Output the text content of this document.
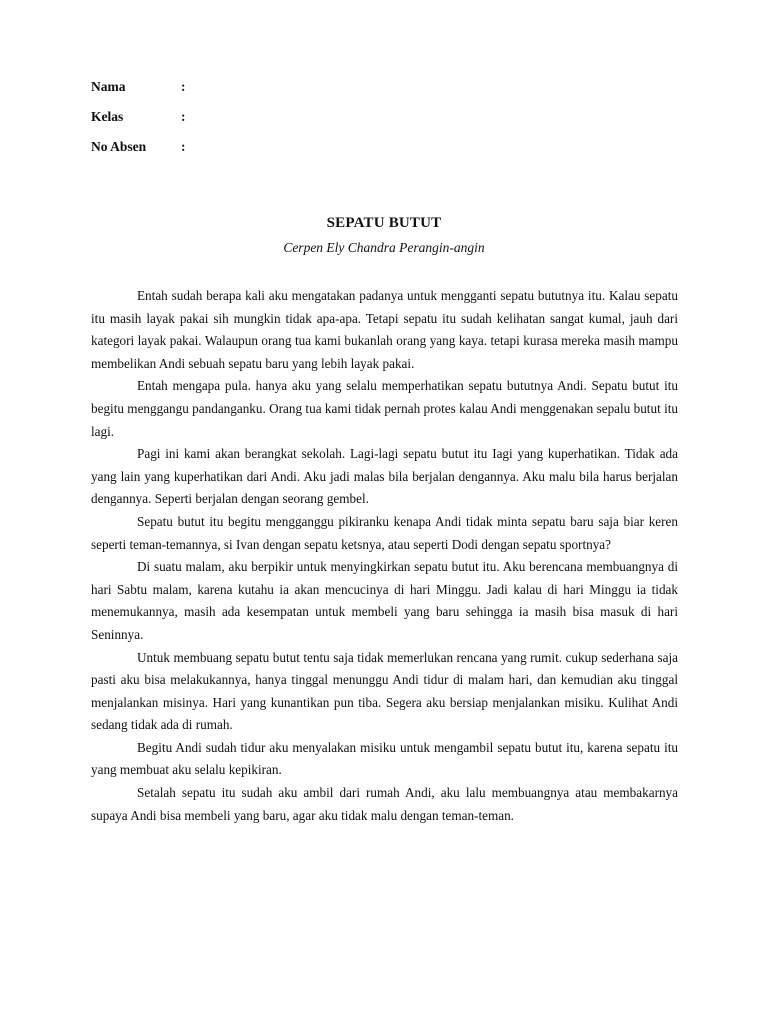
Nama	:
Kelas	:
No Absen	:
SEPATU BUTUT
Cerpen Ely Chandra Perangin-angin

Entah sudah berapa kali aku mengatakan padanya untuk mengganti sepatu bututnya itu. Kalau sepatu itu masih layak pakai sih mungkin tidak apa-apa. Tetapi sepatu itu sudah kelihatan sangat kumal, jauh dari kategori layak pakai. Walaupun orang tua kami bukanlah orang yang kaya. tetapi kurasa mereka masih mampu membelikan Andi sebuah sepatu baru yang lebih layak pakai.

Entah mengapa pula. hanya aku yang selalu memperhatikan sepatu bututnya Andi. Sepatu butut itu begitu menggangu pandanganku. Orang tua kami tidak pernah protes kalau Andi menggenakan sepalu butut itu lagi.

Pagi ini kami akan berangkat sekolah. Lagi-lagi sepatu butut itu Iagi yang kuperhatikan. Tidak ada yang lain yang kuperhatikan dari Andi. Aku jadi malas bila berjalan dengannya. Aku malu bila harus berjalan dengannya. Seperti berjalan dengan seorang gembel.

Sepatu butut itu begitu mengganggu pikiranku kenapa Andi tidak minta sepatu baru saja biar keren seperti teman-temannya, si Ivan dengan sepatu ketsnya, atau seperti Dodi dengan sepatu sportnya?

Di suatu malam, aku berpikir untuk menyingkirkan sepatu butut itu. Aku berencana membuangnya di hari Sabtu malam, karena kutahu ia akan mencucinya di hari Minggu. Jadi kalau di hari Minggu ia tidak menemukannya, masih ada kesempatan untuk membeli yang baru sehingga ia masih bisa masuk di hari Seninnya.

Untuk membuang sepatu butut tentu saja tidak memerlukan rencana yang rumit. cukup sederhana saja pasti aku bisa melakukannya, hanya tinggal menunggu Andi tidur di malam hari, dan kemudian aku tinggal menjalankan misinya. Hari yang kunantikan pun tiba. Segera aku bersiap menjalankan misiku. Kulihat Andi sedang tidak ada di rumah.

Begitu Andi sudah tidur aku menyalakan misiku untuk mengambil sepatu butut itu, karena sepatu itu yang membuat aku selalu kepikiran.

Setalah sepatu itu sudah aku ambil dari rumah Andi, aku lalu membuangnya atau membakarnya supaya Andi bisa membeli yang baru, agar aku tidak malu dengan teman-teman.
